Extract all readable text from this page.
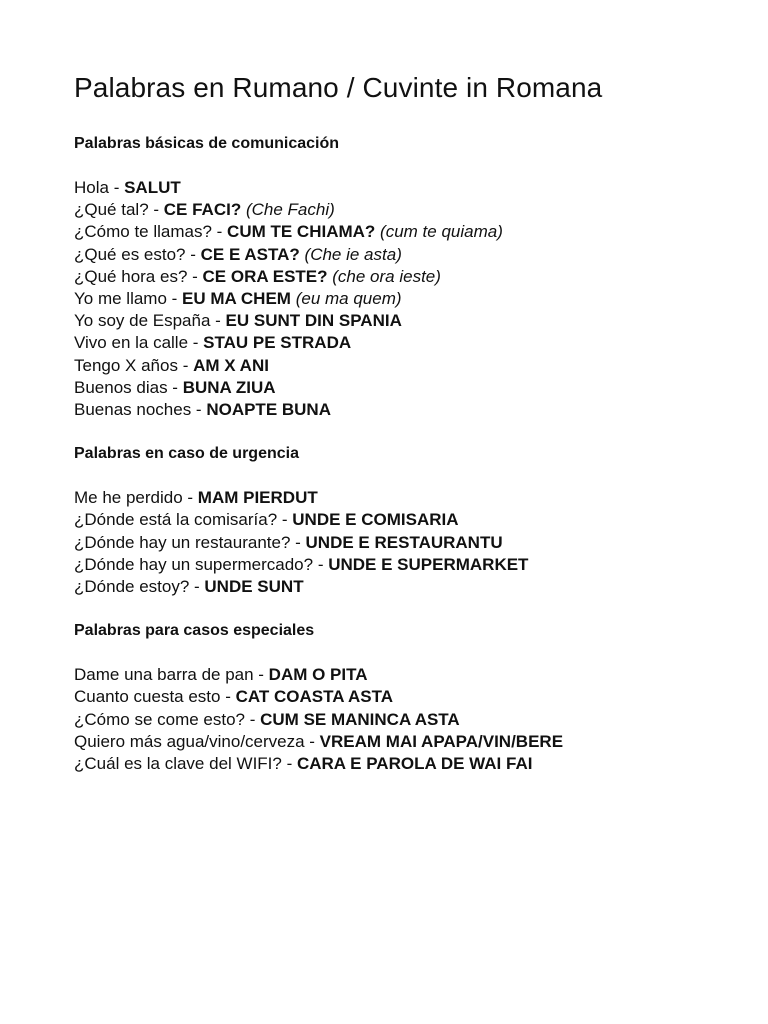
Palabras en Rumano / Cuvinte in Romana
Palabras básicas de comunicación
Hola - SALUT
¿Qué tal? - CE FACI? (Che Fachi)
¿Cómo te llamas? - CUM TE CHIAMA? (cum te quiama)
¿Qué es esto? - CE E ASTA? (Che ie asta)
¿Qué hora es? - CE ORA ESTE? (che ora ieste)
Yo me llamo - EU MA CHEM (eu ma quem)
Yo soy de España - EU SUNT DIN SPANIA
Vivo en la calle - STAU PE STRADA
Tengo X años - AM X ANI
Buenos dias - BUNA ZIUA
Buenas noches - NOAPTE BUNA
Palabras en caso de urgencia
Me he perdido - MAM PIERDUT
¿Dónde está la comisaría? - UNDE E COMISARIA
¿Dónde hay un restaurante? - UNDE E RESTAURANTU
¿Dónde hay un supermercado? - UNDE E SUPERMARKET
¿Dónde estoy? - UNDE SUNT
Palabras para casos especiales
Dame una barra de pan - DAM O PITA
Cuanto cuesta esto - CAT COASTA ASTA
¿Cómo se come esto? - CUM SE MANINCA ASTA
Quiero más agua/vino/cerveza - VREAM MAI APAPA/VIN/BERE
¿Cuál es la clave del WIFI? - CARA E PAROLA DE WAI FAI
